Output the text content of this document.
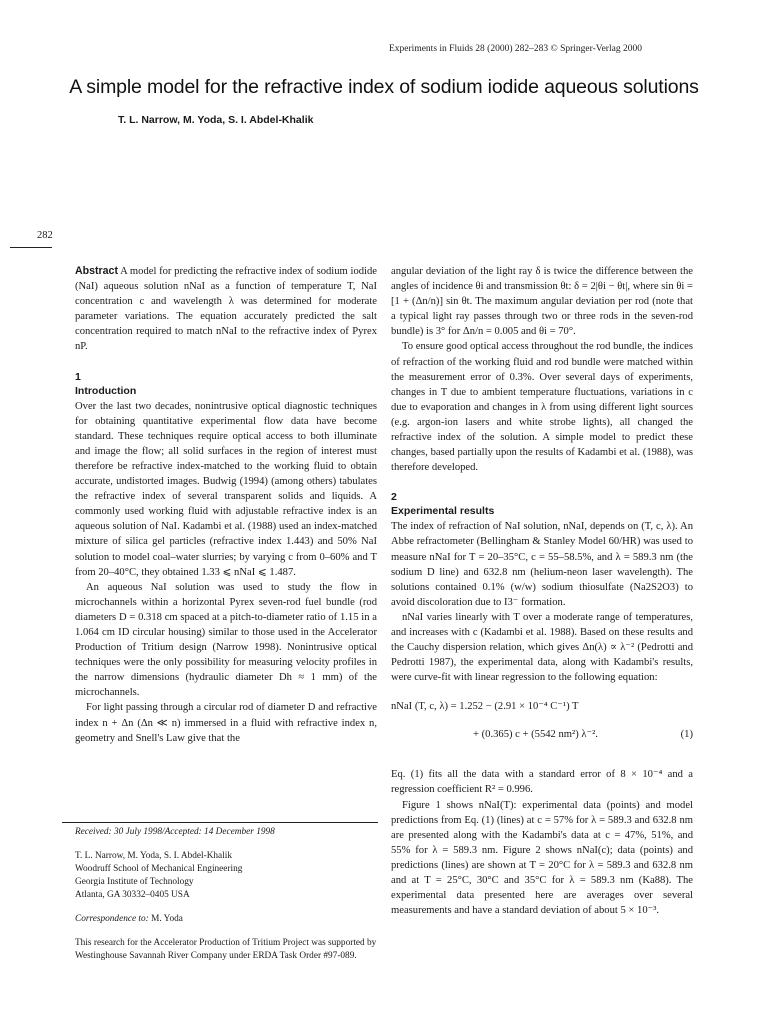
Experiments in Fluids 28 (2000) 282–283 © Springer-Verlag 2000
A simple model for the refractive index of sodium iodide aqueous solutions
T. L. Narrow, M. Yoda, S. I. Abdel-Khalik
282

Abstract A model for predicting the refractive index of sodium iodide (NaI) aqueous solution nNaI as a function of temperature T, NaI concentration c and wavelength λ was determined for moderate parameter variations. The equation accurately predicted the salt concentration required to match nNaI to the refractive index of Pyrex nP.

1
Introduction

Over the last two decades, nonintrusive optical diagnostic techniques for obtaining quantitative experimental flow data have become standard. These techniques require optical access to both illuminate and image the flow; all solid surfaces in the region of interest must therefore be refractive index-matched to the working fluid to obtain accurate, undistorted images. Budwig (1994) (among others) tabulates the refractive index of several transparent solids and liquids. A commonly used working fluid with adjustable refractive index is an aqueous solution of NaI. Kadambi et al. (1988) used an index-matched mixture of silica gel particles (refractive index 1.443) and 50% NaI solution to model coal–water slurries; by varying c from 0–60% and T from 20–40°C, they obtained 1.33 ⩽ nNaI ⩽ 1.487.

An aqueous NaI solution was used to study the flow in microchannels within a horizontal Pyrex seven-rod fuel bundle (rod diameters D = 0.318 cm spaced at a pitch-to-diameter ratio of 1.15 in a 1.064 cm ID circular housing) similar to those used in the Accelerator Production of Tritium design (Narrow 1998). Nonintrusive optical techniques were the only possibility for measuring velocity profiles in the narrow dimensions (hydraulic diameter Dh ≈ 1 mm) of the microchannels.

For light passing through a circular rod of diameter D and refractive index n + Δn (Δn ≪ n) immersed in a fluid with refractive index n, geometry and Snell's Law give that the

angular deviation of the light ray δ is twice the difference between the angles of incidence θi and transmission θt: δ = 2|θi − θt|, where sin θi = [1 + (Δn/n)] sin θt. The maximum angular deviation per rod (note that a typical light ray passes through two or three rods in the seven-rod bundle) is 3° for Δn/n = 0.005 and θi = 70°.

To ensure good optical access throughout the rod bundle, the indices of refraction of the working fluid and rod bundle were matched within the measurement error of 0.3%. Over several days of experiments, changes in T due to ambient temperature fluctuations, variations in c due to evaporation and changes in λ from using different light sources (e.g. argon-ion lasers and white strobe lights), all changed the refractive index of the solution. A simple model to predict these changes, based partially upon the results of Kadambi et al. (1988), was therefore developed.

2
Experimental results

The index of refraction of NaI solution, nNaI, depends on (T, c, λ). An Abbe refractometer (Bellingham & Stanley Model 60/HR) was used to measure nNaI for T = 20–35°C, c = 55–58.5%, and λ = 589.3 nm (the sodium D line) and 632.8 nm (helium-neon laser wavelength). The solutions contained 0.1% (w/w) sodium thiosulfate (Na2S2O3) to avoid discoloration due to I3⁻ formation.

nNaI varies linearly with T over a moderate range of temperatures, and increases with c (Kadambi et al. 1988). Based on these results and the Cauchy dispersion relation, which gives Δn(λ) ∝ λ⁻² (Pedrotti and Pedrotti 1987), the experimental data, along with Kadambi's results, were curve-fit with linear regression to the following equation:

nNaI (T, c, λ) = 1.252 − (2.91 × 10⁻⁴ C⁻¹) T
+ (0.365) c + (5542 nm²) λ⁻².	(1)

Eq. (1) fits all the data with a standard error of 8 × 10⁻⁴ and a regression coefficient R² = 0.996.

Figure 1 shows nNaI(T): experimental data (points) and model predictions from Eq. (1) (lines) at c = 57% for λ = 589.3 and 632.8 nm are presented along with the Kadambi's data at c = 47%, 51%, and 55% for λ = 589.3 nm. Figure 2 shows nNaI(c); data (points) and predictions (lines) are shown at T = 20°C for λ = 589.3 and 632.8 nm and at T = 25°C, 30°C and 35°C for λ = 589.3 nm (Ka88). The experimental data presented here are averages over several measurements and have a standard deviation of about 5 × 10⁻³.

Received: 30 July 1998/Accepted: 14 December 1998

T. L. Narrow, M. Yoda, S. I. Abdel-Khalik

Woodruff School of Mechanical Engineering

Georgia Institute of Technology

Atlanta, GA 30332–0405 USA

Correspondence to: M. Yoda

This research for the Accelerator Production of Tritium Project was supported by Westinghouse Savannah River Company under ERDA Task Order #97-089.
